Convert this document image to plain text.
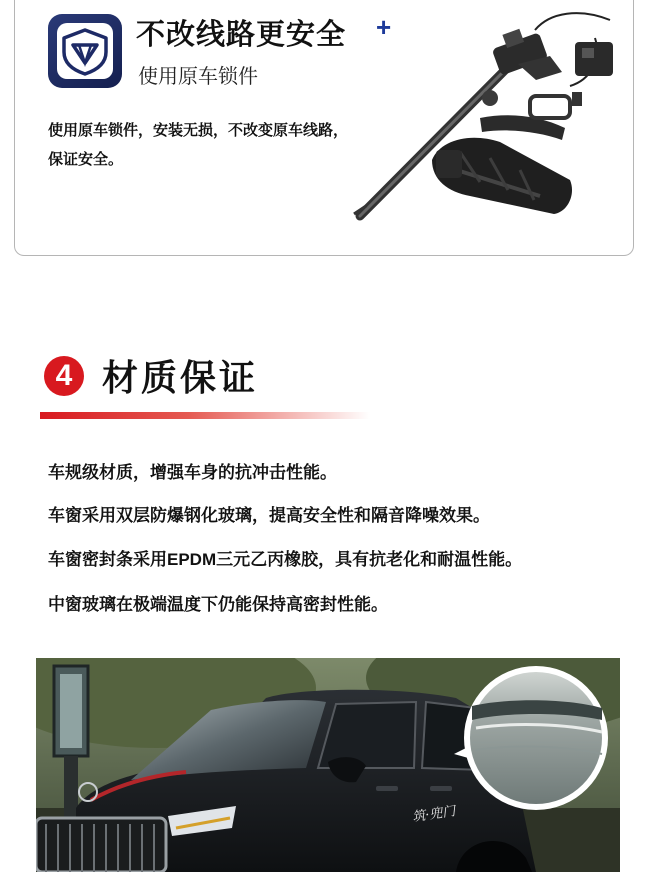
不改线路更安全 +
使用原车锁件
使用原车锁件，安装无损，不改变原车线路，
保证安全。
4 材质保证
车规级材质，增强车身的抗冲击性能。
车窗采用双层防爆钢化玻璃，提高安全性和隔音降噪效果。
车窗密封条采用EPDM三元乙丙橡胶，具有抗老化和耐温性能。
中窗玻璃在极端温度下仍能保持高密封性能。
筑·兜门
